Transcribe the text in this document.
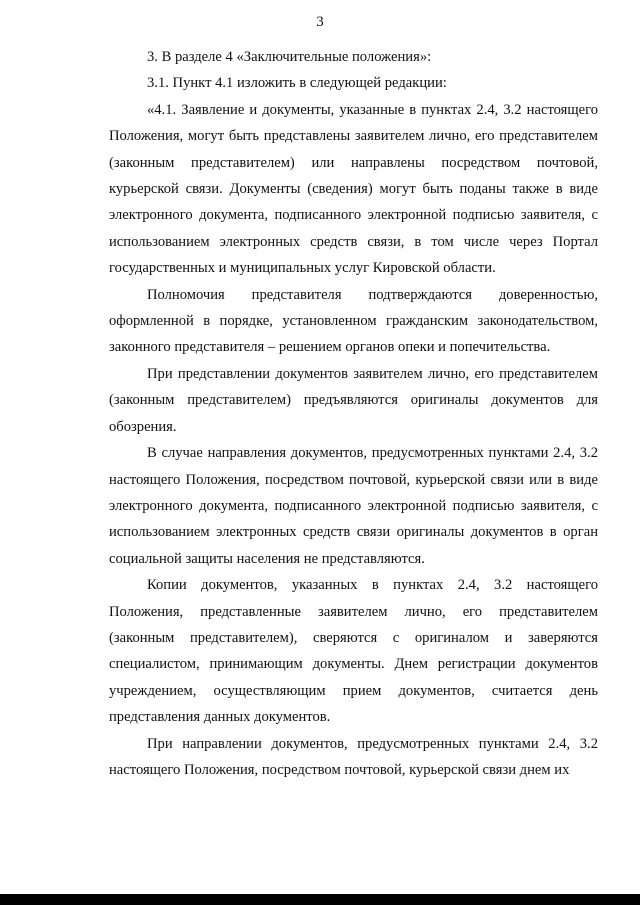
3

3. В разделе 4 «Заключительные положения»:

3.1. Пункт 4.1 изложить в следующей редакции:

«4.1. Заявление и документы, указанные в пунктах 2.4, 3.2 настоящего Положения, могут быть представлены заявителем лично, его представителем (законным представителем) или направлены посредством почтовой, курьерской связи. Документы (сведения) могут быть поданы также в виде электронного документа, подписанного электронной подписью заявителя, с использованием электронных средств связи, в том числе через Портал государственных и муниципальных услуг Кировской области.

Полномочия представителя подтверждаются доверенностью, оформленной в порядке, установленном гражданским законодательством, законного представителя – решением органов опеки и попечительства.

При представлении документов заявителем лично, его представителем (законным представителем) предъявляются оригиналы документов для обозрения.

В случае направления документов, предусмотренных пунктами 2.4, 3.2 настоящего Положения, посредством почтовой, курьерской связи или в виде электронного документа, подписанного электронной подписью заявителя, с использованием электронных средств связи оригиналы документов в орган социальной защиты населения не представляются.

Копии документов, указанных в пунктах 2.4, 3.2 настоящего Положения, представленные заявителем лично, его представителем (законным представителем), сверяются с оригиналом и заверяются специалистом, принимающим документы. Днем регистрации документов учреждением, осуществляющим прием документов, считается день представления данных документов.

При направлении документов, предусмотренных пунктами 2.4, 3.2 настоящего Положения, посредством почтовой, курьерской связи днем их
